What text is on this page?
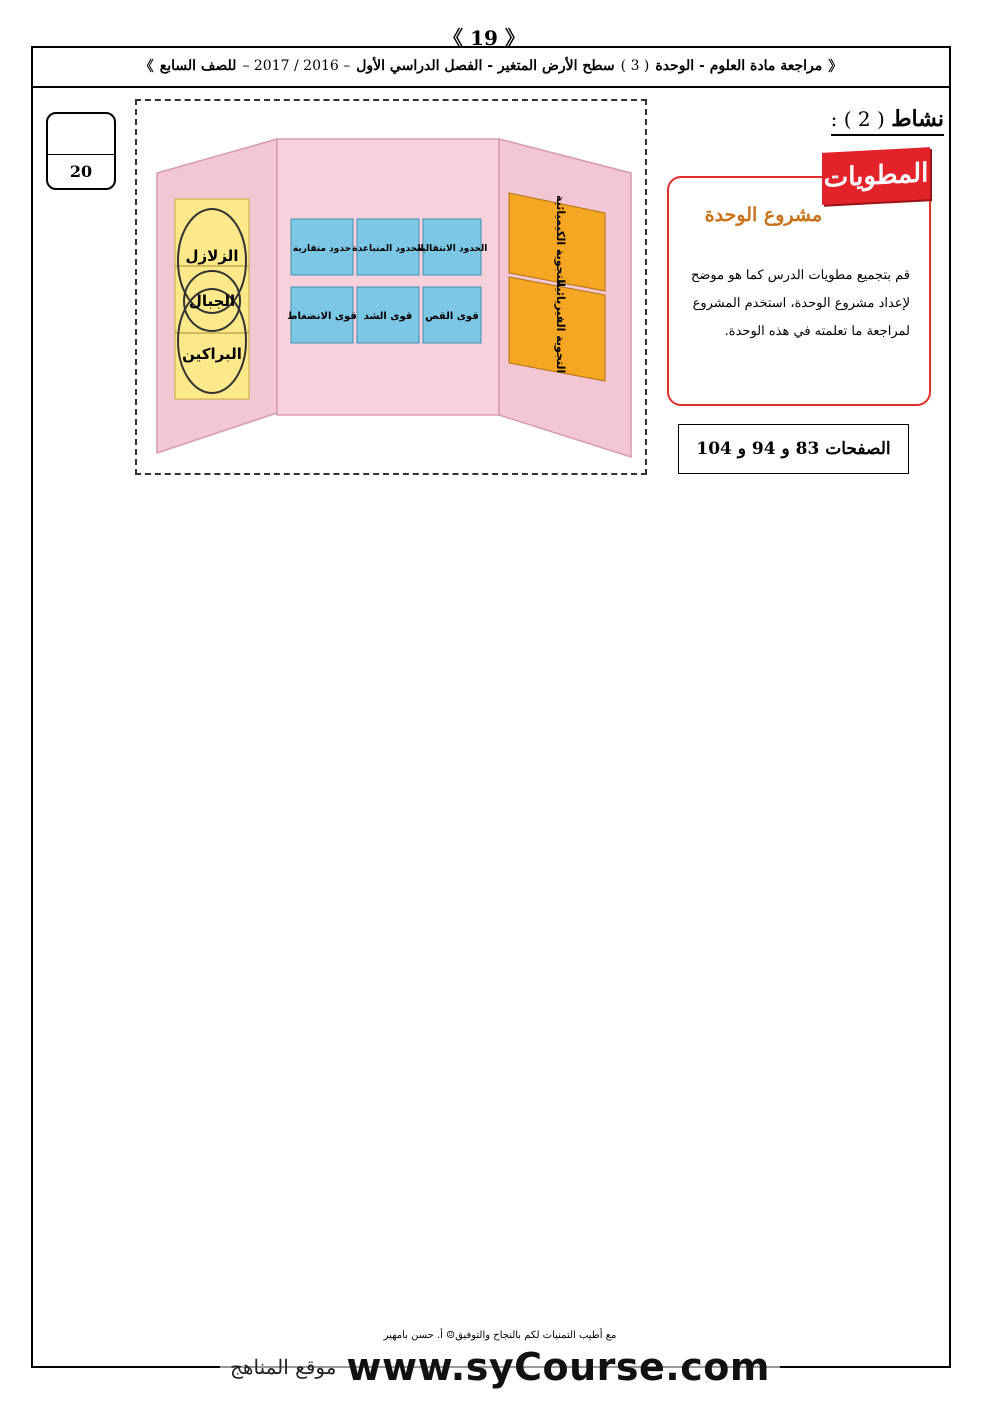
《 19 》
《
مراجعة مادة العلوم - الوحدة
( 3 )
سطح الأرض المتغير - الفصل الدراسي الأول
– 2016 / 2017 –
للصف السابع
》
20
نشاط ( 2 ) :
المطويات
مشروع الوحدة
قم بتجميع مطويات الدرس كما هو موضح لإعداد مشروع الوحدة، استخدم المشروع لمراجعة ما تعلمته في هذه الوحدة.
الصفحات 83 و 94 و 104
الزلازل
الجبال
البراكين
الحدود الانتقالية
الحدود المتباعدة
حدود متقاربة
قوى القص
قوى الشد
قوى الانضغاط
التجوية الكيميائية
التجوية الفيزيائية
مع أطيب التمنيات لكم بالنجاح والتوفيق☺ أ. حسن بامهير
موقع المناهج www.syCourse.com
